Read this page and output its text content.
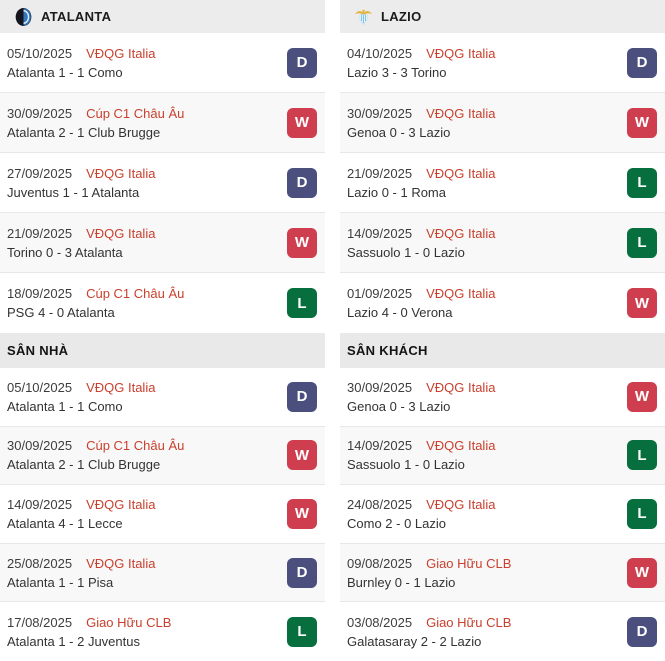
ATALANTA
05/10/2025 VĐQG Italia
Atalanta 1 - 1 Como
D
30/09/2025 Cúp C1 Châu Âu
Atalanta 2 - 1 Club Brugge
W
27/09/2025 VĐQG Italia
Juventus 1 - 1 Atalanta
D
21/09/2025 VĐQG Italia
Torino 0 - 3 Atalanta
W
18/09/2025 Cúp C1 Châu Âu
PSG 4 - 0 Atalanta
L
SÂN NHÀ
05/10/2025 VĐQG Italia
Atalanta 1 - 1 Como
D
30/09/2025 Cúp C1 Châu Âu
Atalanta 2 - 1 Club Brugge
W
14/09/2025 VĐQG Italia
Atalanta 4 - 1 Lecce
W
25/08/2025 VĐQG Italia
Atalanta 1 - 1 Pisa
D
17/08/2025 Giao Hữu CLB
Atalanta 1 - 2 Juventus
L
LAZIO
04/10/2025 VĐQG Italia
Lazio 3 - 3 Torino
D
30/09/2025 VĐQG Italia
Genoa 0 - 3 Lazio
W
21/09/2025 VĐQG Italia
Lazio 0 - 1 Roma
L
14/09/2025 VĐQG Italia
Sassuolo 1 - 0 Lazio
L
01/09/2025 VĐQG Italia
Lazio 4 - 0 Verona
W
SÂN KHÁCH
30/09/2025 VĐQG Italia
Genoa 0 - 3 Lazio
W
14/09/2025 VĐQG Italia
Sassuolo 1 - 0 Lazio
L
24/08/2025 VĐQG Italia
Como 2 - 0 Lazio
L
09/08/2025 Giao Hữu CLB
Burnley 0 - 1 Lazio
W
03/08/2025 Giao Hữu CLB
Galatasaray 2 - 2 Lazio
D
